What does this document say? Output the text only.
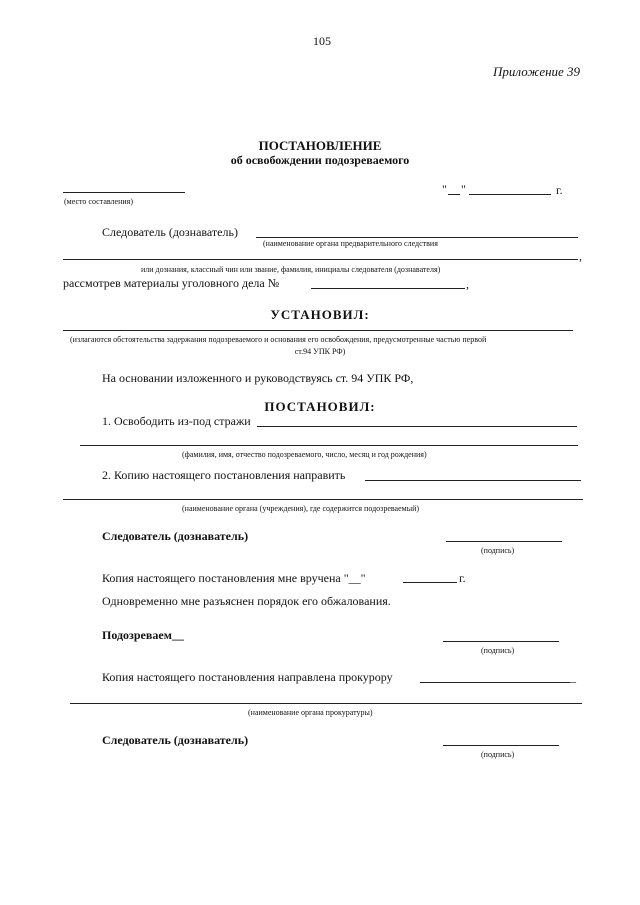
105
Приложение 39
ПОСТАНОВЛЕНИЕ
об освобождении подозреваемого
(место составления)
" "	г.
Следователь (дознаватель)
(наименование органа предварительного следствия
,
или дознания, классный чин или звание, фамилия, инициалы следователя (дознавателя)
рассмотрев материалы уголовного дела №	,
УСТАНОВИЛ:
(излагаются обстоятельства задержания подозреваемого и основания его освобождения, предусмотренные частью первой
ст.94 УПК РФ)
На основании изложенного и руководствуясь ст. 94 УПК РФ,
ПОСТАНОВИЛ:
1. Освободить из-под стражи
(фамилия, имя, отчество подозреваемого, число, месяц и год рождения)
2. Копию настоящего постановления направить
(наименование органа (учреждения), где содержится подозреваемый)
Следователь (дознаватель)
(подпись)
Копия настоящего постановления мне вручена "__"	г.
Одновременно мне разъяснен порядок его обжалования.
Подозреваем__
(подпись)
Копия настоящего постановления направлена прокурору	_
(наименование органа прокуратуры)
Следователь (дознаватель)
(подпись)
